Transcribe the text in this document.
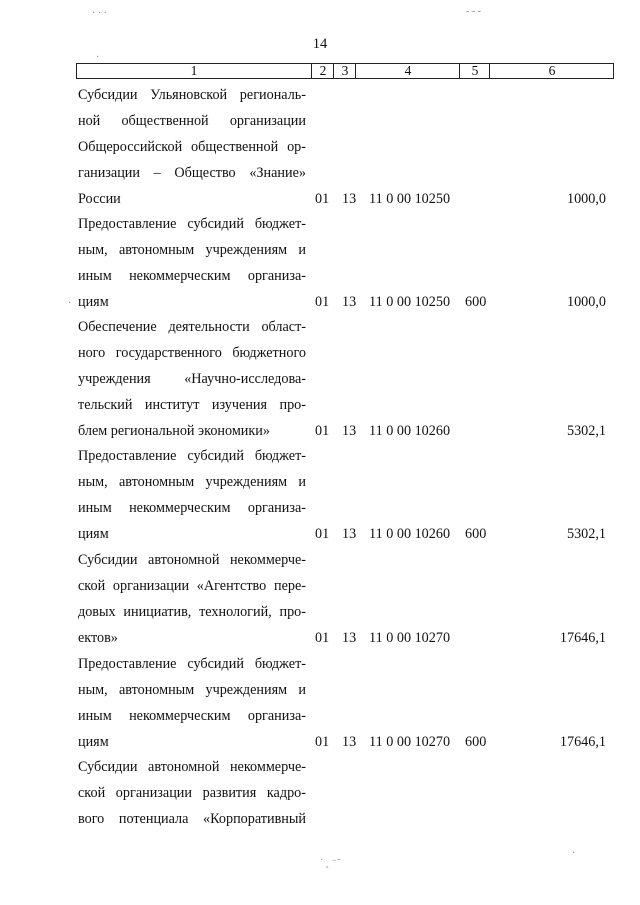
14
1	2	3	4	5	6
Субсидии Ульяновской региональ-
ной общественной организации
Общероссийской общественной ор-
ганизации – Общество «Знание»
России	01 13 11 0 00 10250	1000,0
Предоставление субсидий бюджет-
ным, автономным учреждениям и
иным некоммерческим организа-
циям	01 13 11 0 00 10250 600	1000,0
Обеспечение деятельности област-
ного государственного бюджетного
учреждения «Научно-исследова-
тельский институт изучения про-
блем региональной экономики»	01 13 11 0 00 10260	5302,1
Предоставление субсидий бюджет-
ным, автономным учреждениям и
иным некоммерческим организа-
циям	01 13 11 0 00 10260 600	5302,1
Субсидии автономной некоммерче-
ской организации «Агентство пере-
довых инициатив, технологий, про-
ектов»	01 13 11 0 00 10270	17646,1
Предоставление субсидий бюджет-
ным, автономным учреждениям и
иным некоммерческим организа-
циям	01 13 11 0 00 10270 600	17646,1
Субсидии автономной некоммерче-
ской организации развития кадро-
вого потенциала «Корпоративный
· · ·	- - -
·
·
˙ ˛ ⁻˜
·
